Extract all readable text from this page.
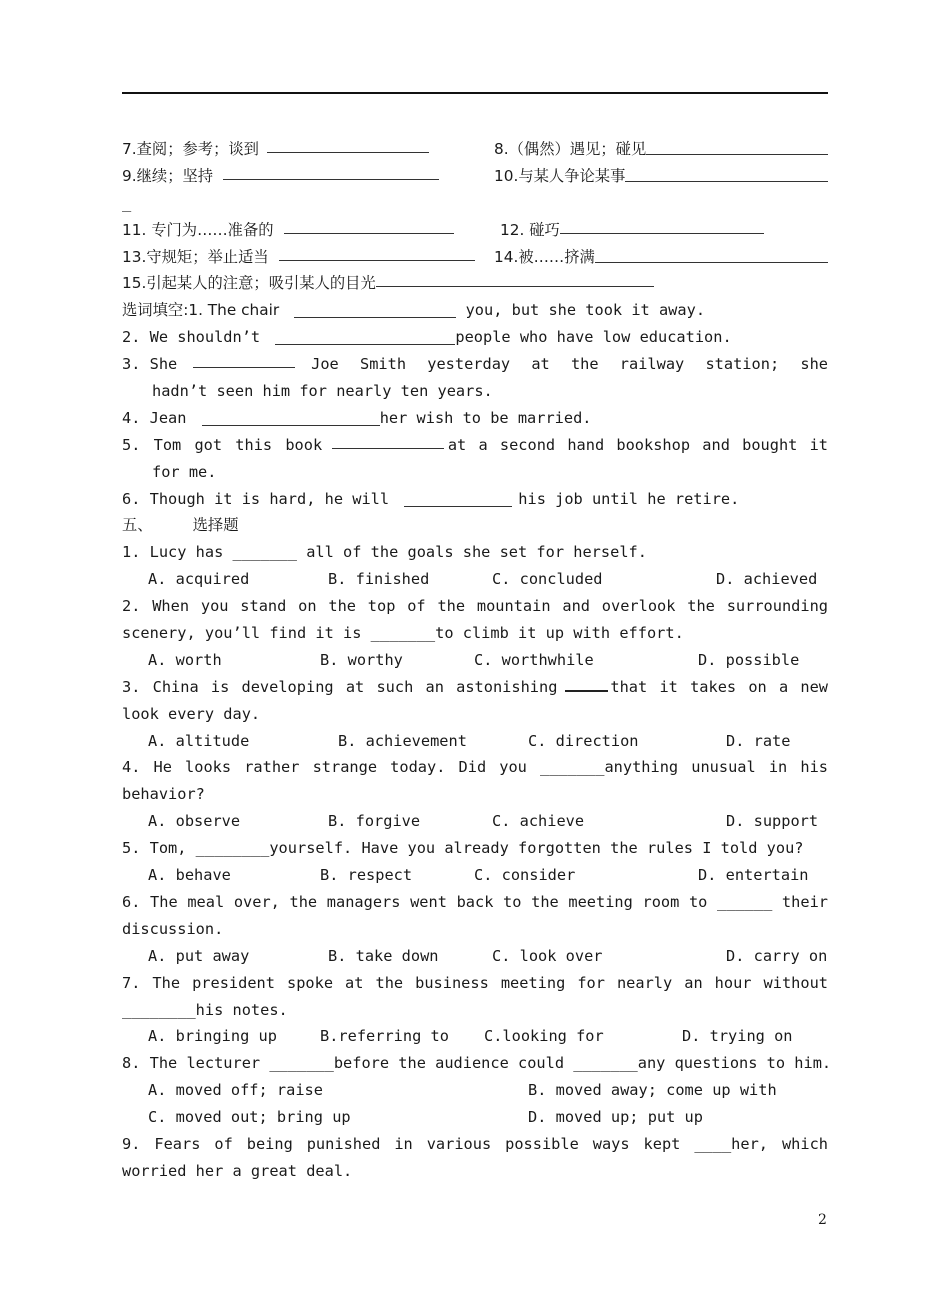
7.查阅；参考；谈到	8.（偶然）遇见；碰见
9.继续；坚持	10.与某人争论某事
_
11. 专门为……准备的	12. 碰巧
13.守规矩；举止适当	14.被……挤满
15.引起某人的注意；吸引某人的目光
选词填空:1. The chair	you, but she took it away.
2. We shouldn’t	people who have low education.
3. She	Joe Smith yesterday at the railway station; she
hadn’t seen him for nearly ten years.
4. Jean	her wish to be married.
5. Tom got this book	at a second hand bookshop and bought it
for me.
6. Though it is hard, he will	his job until he retire.
五、	选择题
1. Lucy has _______ all of the goals she set for herself.
A. acquired	B. finished	C. concluded	D. achieved
2. When you stand on the top of the mountain and overlook the surrounding
scenery, you’ll find it is _______to climb it up with effort.
A. worth	B. worthy	C. worthwhile	D. possible
3. China is developing at such an astonishing	that it takes on a new
look every day.
A. altitude	B. achievement	C. direction	D. rate
4. He looks rather strange today. Did you _______anything unusual in his
behavior?
A. observe	B. forgive	C. achieve	D. support
5. Tom, ________yourself. Have you already forgotten the rules I told you?
A. behave	B. respect	C. consider	D. entertain
6. The meal over, the managers went back to the meeting room to ______ their
discussion.
A. put away	B. take down	C. look over	D. carry on
7. The president spoke at the business meeting for nearly an hour without
________his notes.
A. bringing up	B.referring to	C.looking for	D. trying on
8. The lecturer _______before the audience could _______any questions to him.
A. moved off; raise	B. moved away; come up with
C. moved out; bring up	D. moved up; put up
9. Fears of being punished in various possible ways kept ____her, which
worried her a great deal.
2
